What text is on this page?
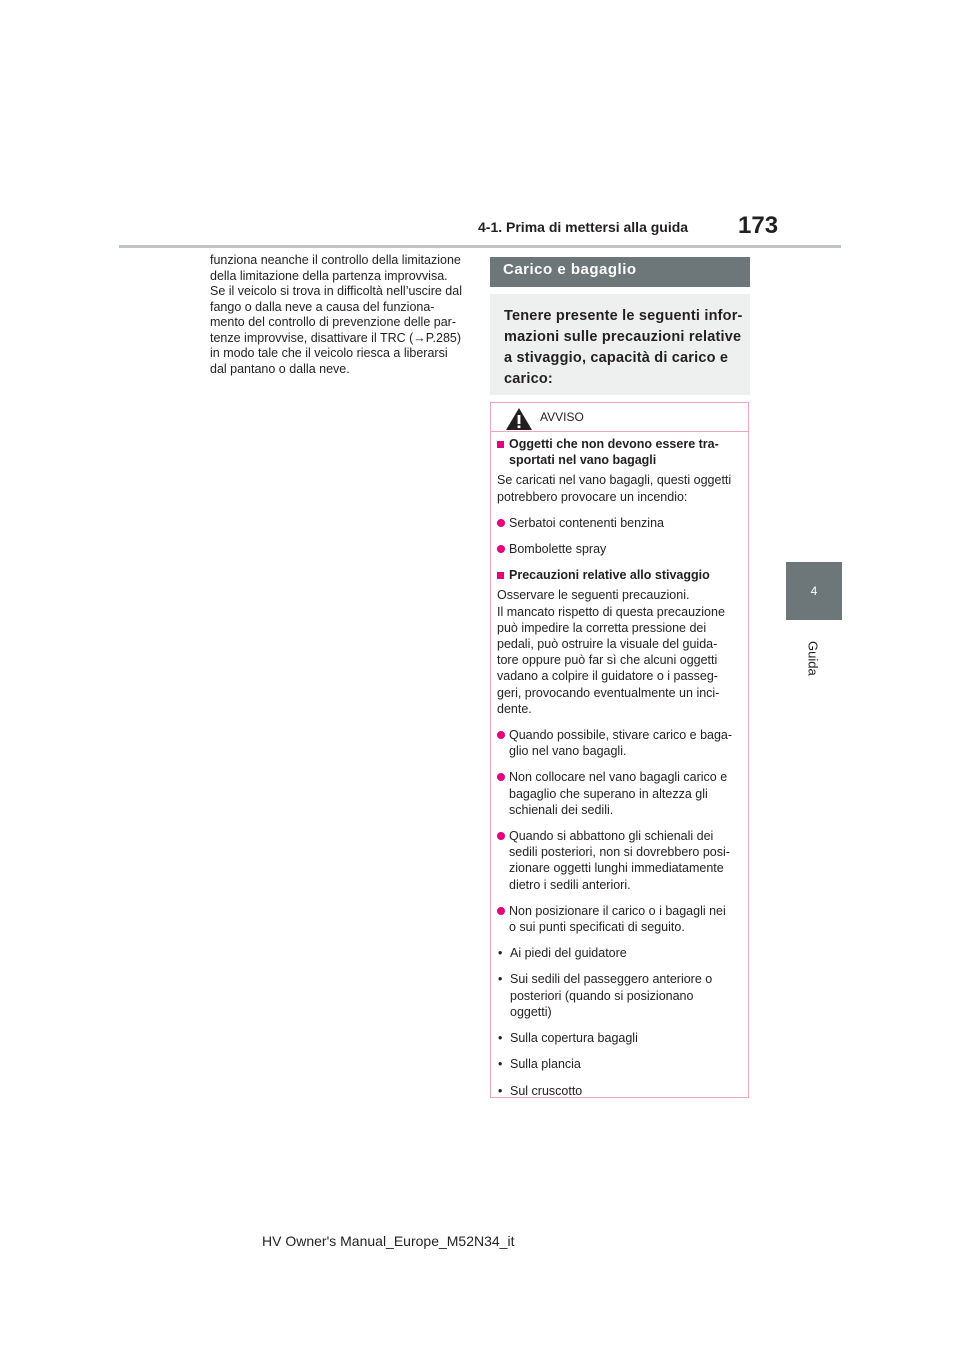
4-1. Prima di mettersi alla guida 173
4
Guida
funziona neanche il controllo della limitazione
della limitazione della partenza improvvisa.
Se il veicolo si trova in difficoltà nell’uscire dal
fango o dalla neve a causa del funziona-
mento del controllo di prevenzione delle par-
tenze improvvise, disattivare il TRC (→P.285)
in modo tale che il veicolo riesca a liberarsi
dal pantano o dalla neve.
Carico e bagaglio
Tenere presente le seguenti infor-
mazioni sulle precauzioni relative
a stivaggio, capacità di carico e
carico:
AVVISO
Oggetti che non devono essere tra-
sportati nel vano bagagli
Se caricati nel vano bagagli, questi oggetti
potrebbero provocare un incendio:
Serbatoi contenenti benzina
Bombolette spray
Precauzioni relative allo stivaggio
Osservare le seguenti precauzioni.
Il mancato rispetto di questa precauzione
può impedire la corretta pressione dei
pedali, può ostruire la visuale del guida-
tore oppure può far sì che alcuni oggetti
vadano a colpire il guidatore o i passeg-
geri, provocando eventualmente un inci-
dente.
Quando possibile, stivare carico e baga-
glio nel vano bagagli.
Non collocare nel vano bagagli carico e
bagaglio che superano in altezza gli
schienali dei sedili.
Quando si abbattono gli schienali dei
sedili posteriori, non si dovrebbero posi-
zionare oggetti lunghi immediatamente
dietro i sedili anteriori.
Non posizionare il carico o i bagagli nei
o sui punti specificati di seguito.
• Ai piedi del guidatore
• Sui sedili del passeggero anteriore o
posteriori (quando si posizionano
oggetti)
• Sulla copertura bagagli
• Sulla plancia
• Sul cruscotto
HV Owner's Manual_Europe_M52N34_it
